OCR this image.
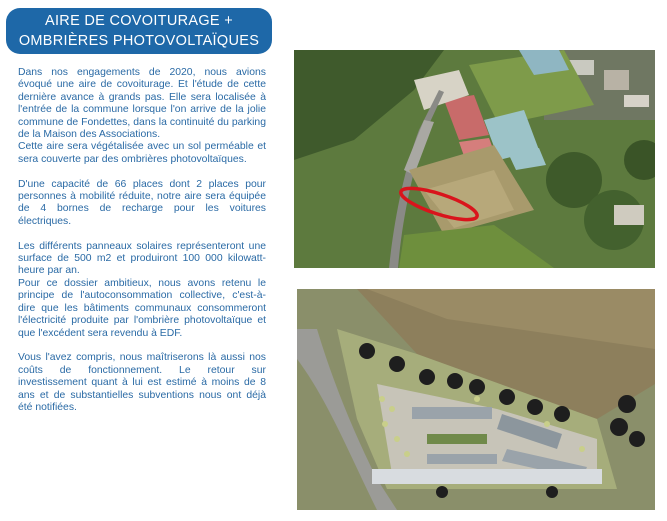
AIRE DE COVOITURAGE +
OMBRIÈRES PHOTOVOLTAÏQUES

Dans nos engagements de 2020, nous avions évoqué une aire de covoiturage. Et l'étude de cette dernière avance à grands pas. Elle sera localisée à l'entrée de la commune lorsque l'on arrive de la jolie commune de Fondettes, dans la continuité du parking de la Maison des Associations.

Cette aire sera végétalisée avec un sol perméable et sera couverte par des ombrières photovoltaïques.

D'une capacité de 66 places dont 2 places pour personnes à mobilité réduite, notre aire sera équipée de 4 bornes de recharge pour les voitures électriques.

Les différents panneaux solaires représenteront une surface de 500 m2 et produiront 100 000 kilowatt-heure par an.

Pour ce dossier ambitieux, nous avons retenu le principe de l'autoconsommation collective, c'est-à-dire que les bâtiments communaux consommeront l'électricité produite par l'ombrière photovoltaïque et que l'excédent sera revendu à EDF.

Vous l'avez compris, nous maîtriserons là aussi nos coûts de fonctionnement. Le retour sur investissement quant à lui est estimé à moins de 8 ans et de substantielles subventions nous ont déjà été notifiées.
